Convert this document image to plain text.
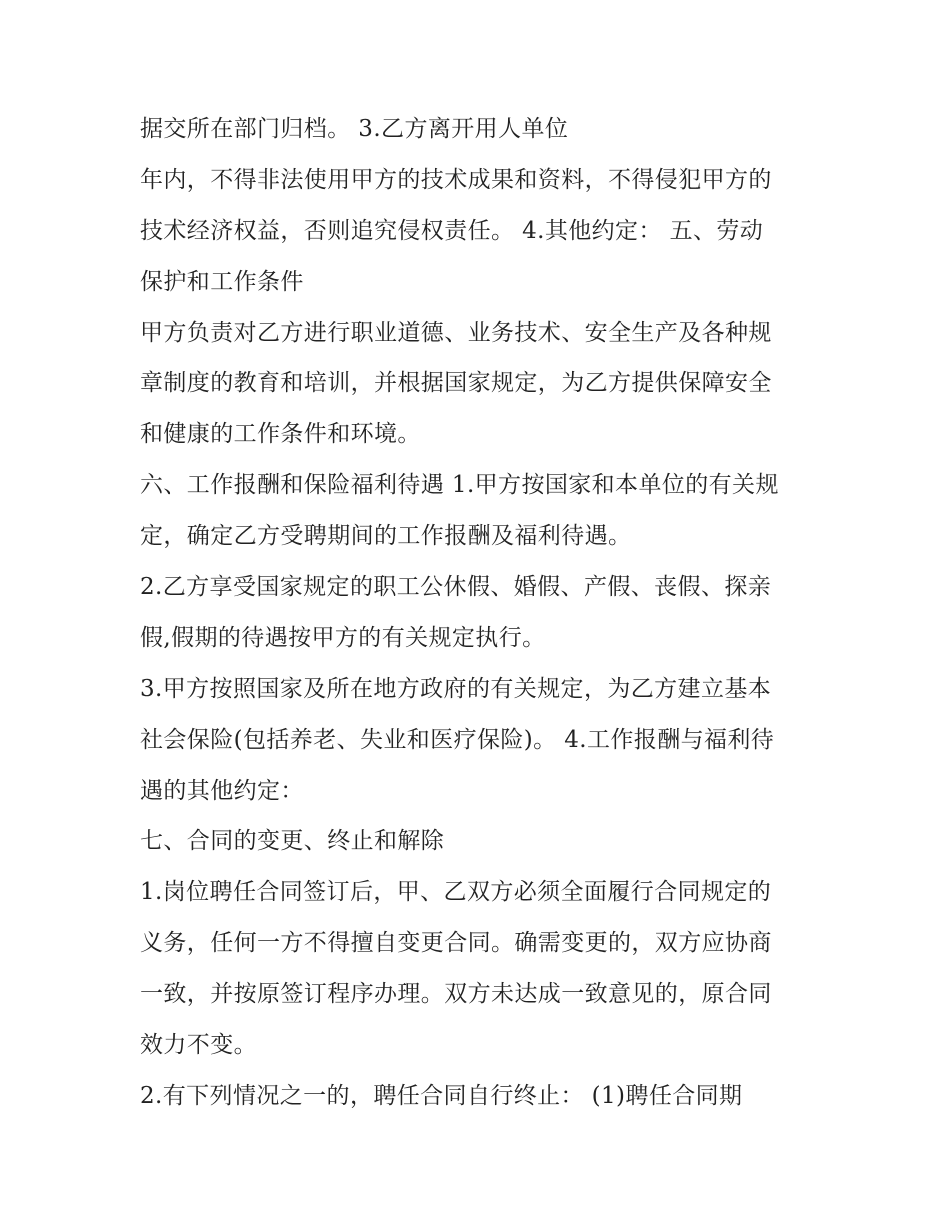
据交所在部门归档。 3.乙方离开用人单位
年内，不得非法使用甲方的技术成果和资料，不得侵犯甲方的
技术经济权益，否则追究侵权责任。 4.其他约定： 五、劳动
保护和工作条件
甲方负责对乙方进行职业道德、业务技术、安全生产及各种规
章制度的教育和培训，并根据国家规定，为乙方提供保障安全
和健康的工作条件和环境。
六、工作报酬和保险福利待遇 1.甲方按国家和本单位的有关规
定，确定乙方受聘期间的工作报酬及福利待遇。
2.乙方享受国家规定的职工公休假、婚假、产假、丧假、探亲
假,假期的待遇按甲方的有关规定执行。
3.甲方按照国家及所在地方政府的有关规定，为乙方建立基本
社会保险(包括养老、失业和医疗保险)。 4.工作报酬与福利待
遇的其他约定：
七、合同的变更、终止和解除
1.岗位聘任合同签订后，甲、乙双方必须全面履行合同规定的
义务，任何一方不得擅自变更合同。确需变更的，双方应协商
一致，并按原签订程序办理。双方未达成一致意见的，原合同
效力不变。
2.有下列情况之一的，聘任合同自行终止： (1)聘任合同期
